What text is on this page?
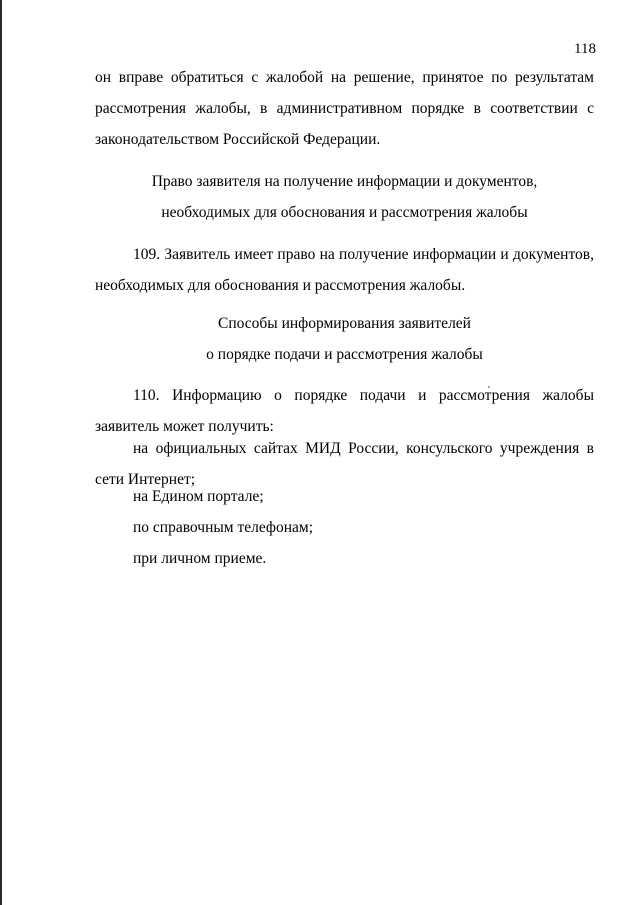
118

он вправе обратиться с жалобой на решение, принятое по результатам рассмотрения жалобы, в административном порядке в соответствии с законодательством Российской Федерации.

Право заявителя на получение информации и документов,
необходимых для обоснования и рассмотрения жалобы

109. Заявитель имеет право на получение информации и документов, необходимых для обоснования и рассмотрения жалобы.

Способы информирования заявителей
о порядке подачи и рассмотрения жалобы

110. Информацию о порядке подачи и рассмотрения жалобы заявитель может получить:

на официальных сайтах МИД России, консульского учреждения в сети Интернет;

на Едином портале;

по справочным телефонам;

при личном приеме.
